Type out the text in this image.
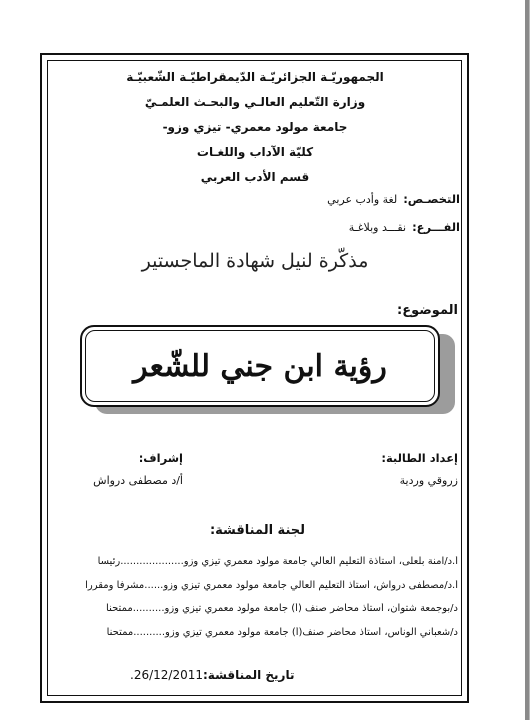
الجمهوريّـة الجزائريّـة الدّيمقراطيّـة الشّعبيّـة
وزارة التّعليم العالـي والبحـث العلمـيّ
جامعة مولود معمري- تيزي وزو-
كليّة الآداب واللغـات
قسم الأدب العربي
التخصـص:لغة وأدب عربي
الفـــرع:نقـــد وبلاغـة
مذكّرة لنيل شهادة الماجستير
الموضوع:
رؤية ابن جني للشّعر
إعداد الطالبة:
زروقي وردية
إشراف:
أ/د مصطفى درواش
لجنة المناقشة:
أ.د/آمنة بلعلى، أستاذة التعليم العالي جامعة مولود معمري تيزي وزو....................رئيسا
أ.د/مصطفى درواش، أستاذ التعليم العالي جامعة مولود معمري تيزي وزو......مشرفا ومقررا
د/بوجمعة شتوان، أستاذ محاضر صنف (أ) جامعة مولود معمري تيزي وزو..........ممتحنا
د/شعباني الوناس، أستاذ محاضر صنف(أ) جامعة مولود معمري تيزي وزو..........ممتحنا
تاريخ المناقشة:26/12/2011.
